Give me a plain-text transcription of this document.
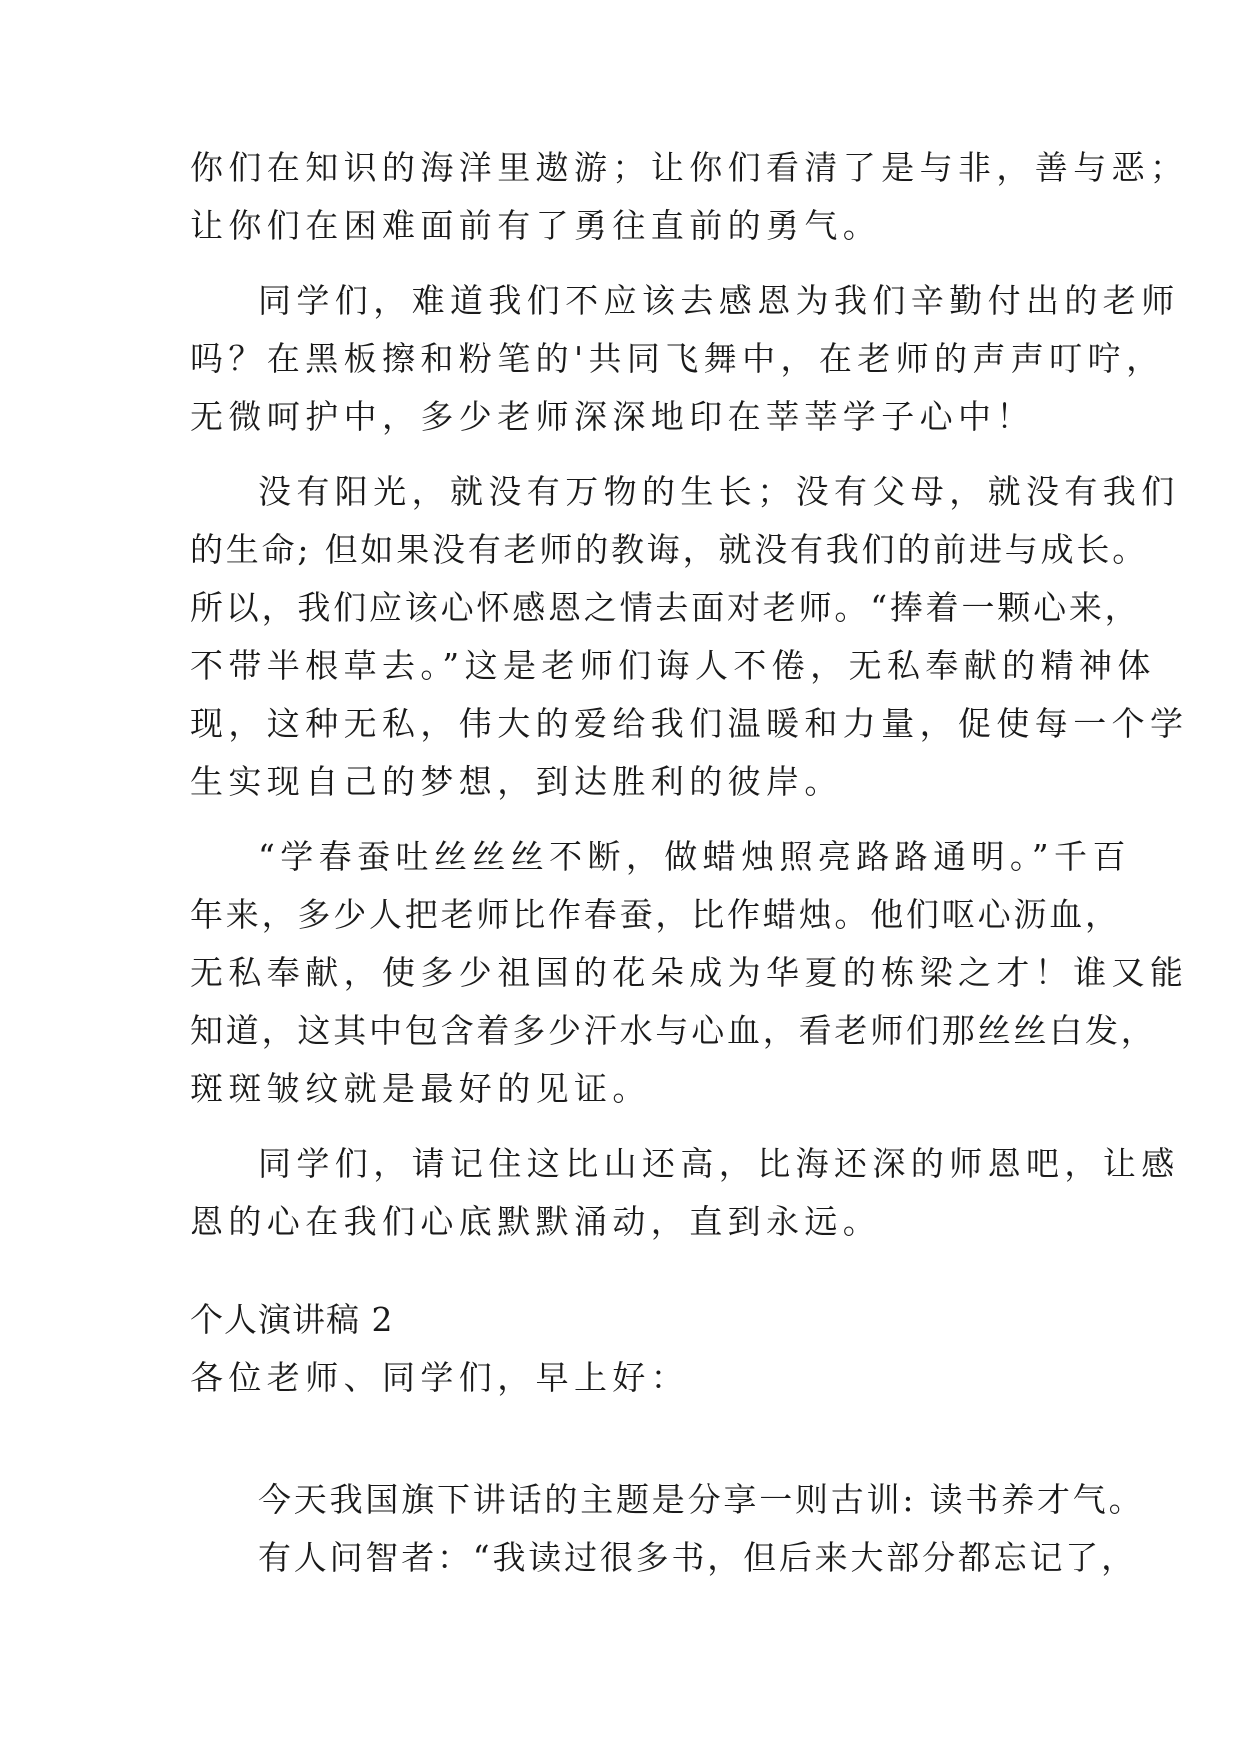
你们在知识的海洋里遨游；让你们看清了是与非，善与恶；
让你们在困难面前有了勇往直前的勇气。
同学们，难道我们不应该去感恩为我们辛勤付出的老师
吗？在黑板擦和粉笔的'共同飞舞中，在老师的声声叮咛，
无微呵护中，多少老师深深地印在莘莘学子心中！
没有阳光，就没有万物的生长；没有父母，就没有我们
的生命; 但如果没有老师的教诲，就没有我们的前进与成长。
所以，我们应该心怀感恩之情去面对老师。“捧着一颗心来，
不带半根草去。”这是老师们诲人不倦，无私奉献的精神体
现，这种无私，伟大的爱给我们温暖和力量，促使每一个学
生实现自己的梦想，到达胜利的彼岸。
“学春蚕吐丝丝丝不断，做蜡烛照亮路路通明。”千百
年来，多少人把老师比作春蚕，比作蜡烛。他们呕心沥血，
无私奉献，使多少祖国的花朵成为华夏的栋梁之才！谁又能
知道，这其中包含着多少汗水与心血，看老师们那丝丝白发，
斑斑皱纹就是最好的见证。
同学们，请记住这比山还高，比海还深的师恩吧，让感
恩的心在我们心底默默涌动，直到永远。
个人演讲稿 2
各位老师、同学们，早上好：
今天我国旗下讲话的主题是分享一则古训: 读书养才气。
有人问智者：“我读过很多书，但后来大部分都忘记了，
